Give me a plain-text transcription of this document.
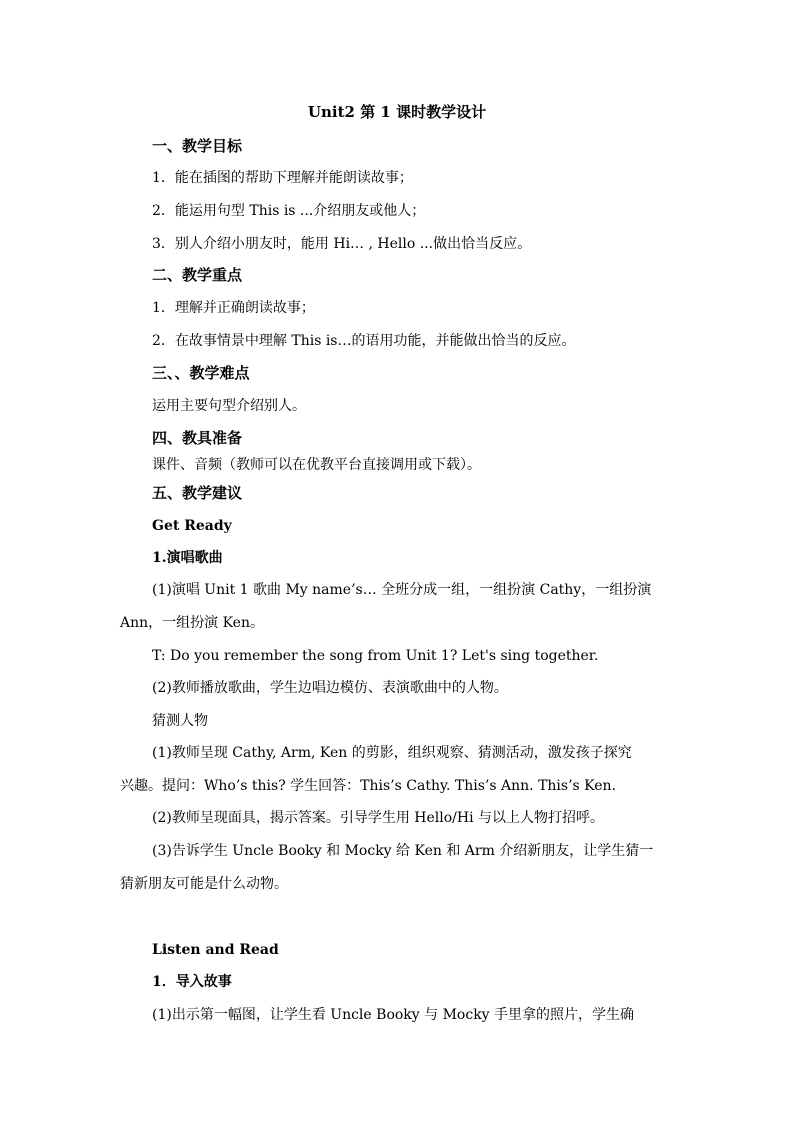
Unit2 第 1 课时教学设计
一、教学目标
1．能在插图的帮助下理解并能朗读故事；
2．能运用句型 This is ...介绍朋友或他人；
3．别人介绍小朋友时，能用 Hi… , Hello ...做出恰当反应。
二、教学重点
1．理解并正确朗读故事；
2．在故事情景中理解 This is…的语用功能，并能做出恰当的反应。
三、、教学难点
运用主要句型介绍别人。
四、教具准备
课件、音频（教师可以在优教平台直接调用或下载）。
五、教学建议
Get Ready
1.演唱歌曲
(1)演唱 Unit 1 歌曲 My name’s… 全班分成一组，一组扮演 Cathy，一组扮演
Ann，一组扮演 Ken。
T: Do you remember the song from Unit 1? Let's sing together.
(2)教师播放歌曲，学生边唱边模仿、表演歌曲中的人物。
猜测人物
(1)教师呈现 Cathy, Arm, Ken 的剪影，组织观察、猜测活动，激发孩子探究
兴趣。提问：Who’s this? 学生回答：This’s Cathy. This’s Ann. This’s Ken.
(2)教师呈现面具，揭示答案。引导学生用 Hello/Hi 与以上人物打招呼。
(3)告诉学生 Uncle Booky 和 Mocky 给 Ken 和 Arm 介绍新朋友，让学生猜一
猜新朋友可能是什么动物。
Listen and Read
1．导入故事
(1)出示第一幅图，让学生看 Uncle Booky 与 Mocky 手里拿的照片，学生确
